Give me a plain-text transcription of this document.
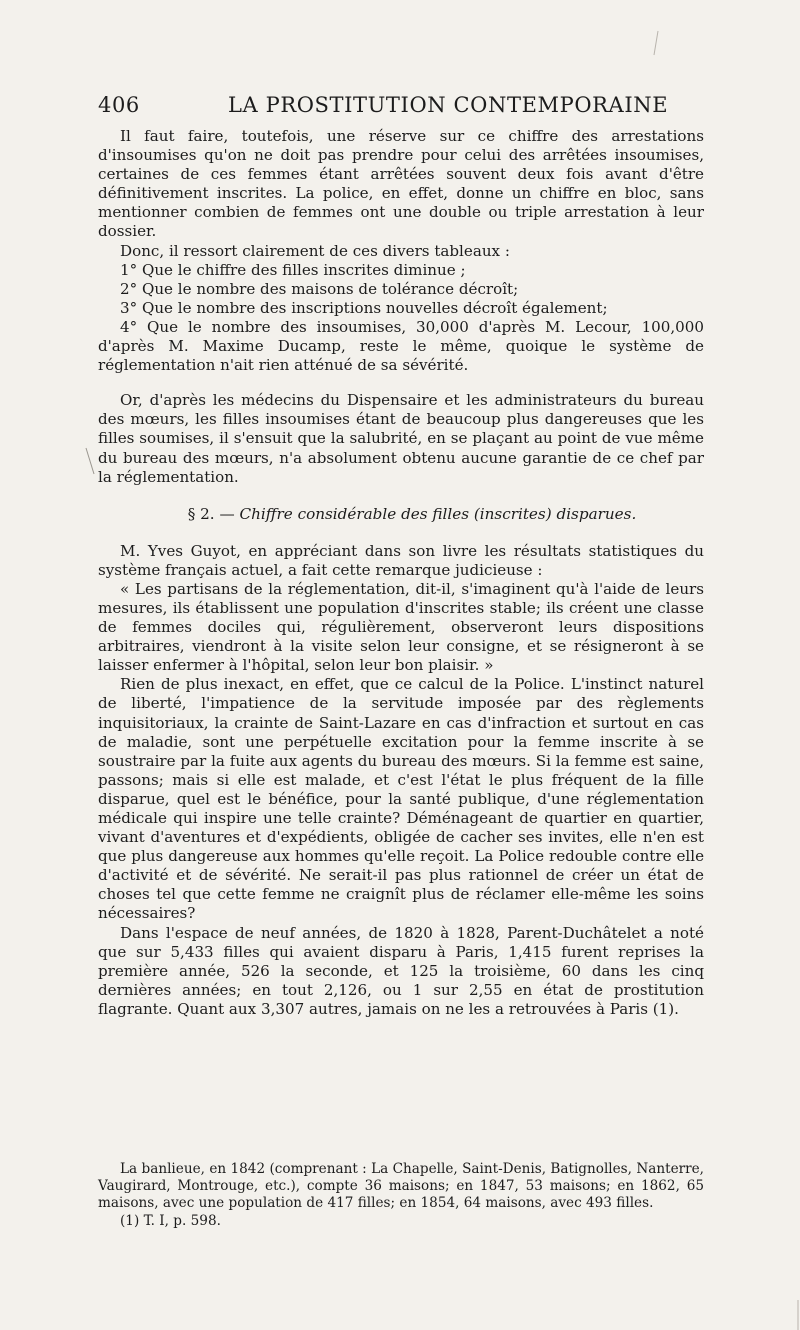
406	LA PROSTITUTION CONTEMPORAINE

Il faut faire, toutefois, une réserve sur ce chiffre des arrestations d'insoumises qu'on ne doit pas prendre pour celui des arrêtées insoumises, certaines de ces femmes étant arrêtées souvent deux fois avant d'être définitivement inscrites. La police, en effet, donne un chiffre en bloc, sans mentionner combien de femmes ont une double ou triple arrestation à leur dossier.

Donc, il ressort clairement de ces divers tableaux :

1° Que le chiffre des filles inscrites diminue ;

2° Que le nombre des maisons de tolérance décroît;

3° Que le nombre des inscriptions nouvelles décroît également;

4° Que le nombre des insoumises, 30,000 d'après M. Lecour, 100,000 d'après M. Maxime Ducamp, reste le même, quoique le système de réglementation n'ait rien atténué de sa sévérité.

Or, d'après les médecins du Dispensaire et les administrateurs du bureau des mœurs, les filles insoumises étant de beaucoup plus dangereuses que les filles soumises, il s'ensuit que la salubrité, en se plaçant au point de vue même du bureau des mœurs, n'a absolument obtenu aucune garantie de ce chef par la réglementation.

§ 2. — Chiffre considérable des filles (inscrites) disparues.

M. Yves Guyot, en appréciant dans son livre les résultats statistiques du système français actuel, a fait cette remarque judicieuse :

« Les partisans de la réglementation, dit-il, s'imaginent qu'à l'aide de leurs mesures, ils établissent une population d'inscrites stable; ils créent une classe de femmes dociles qui, régulièrement, observeront leurs dispositions arbitraires, viendront à la visite selon leur consigne, et se résigneront à se laisser enfermer à l'hôpital, selon leur bon plaisir. »

Rien de plus inexact, en effet, que ce calcul de la Police. L'instinct naturel de liberté, l'impatience de la servitude imposée par des règlements inquisitoriaux, la crainte de Saint-Lazare en cas d'infraction et surtout en cas de maladie, sont une perpétuelle excitation pour la femme inscrite à se soustraire par la fuite aux agents du bureau des mœurs. Si la femme est saine, passons; mais si elle est malade, et c'est l'état le plus fréquent de la fille disparue, quel est le bénéfice, pour la santé publique, d'une réglementation médicale qui inspire une telle crainte? Déménageant de quartier en quartier, vivant d'aventures et d'expédients, obligée de cacher ses invites, elle n'en est que plus dangereuse aux hommes qu'elle reçoit. La Police redouble contre elle d'activité et de sévérité. Ne serait-il pas plus rationnel de créer un état de choses tel que cette femme ne craignît plus de réclamer elle-même les soins nécessaires?

Dans l'espace de neuf années, de 1820 à 1828, Parent-Duchâtelet a noté que sur 5,433 filles qui avaient disparu à Paris, 1,415 furent reprises la première année, 526 la seconde, et 125 la troisième, 60 dans les cinq dernières années; en tout 2,126, ou 1 sur 2,55 en état de prostitution flagrante. Quant aux 3,307 autres, jamais on ne les a retrouvées à Paris (1).

La banlieue, en 1842 (comprenant : La Chapelle, Saint-Denis, Batignolles, Nanterre, Vaugirard, Montrouge, etc.), compte 36 maisons; en 1847, 53 maisons; en 1862, 65 maisons, avec une population de 417 filles; en 1854, 64 maisons, avec 493 filles.

(1) T. I, p. 598.
